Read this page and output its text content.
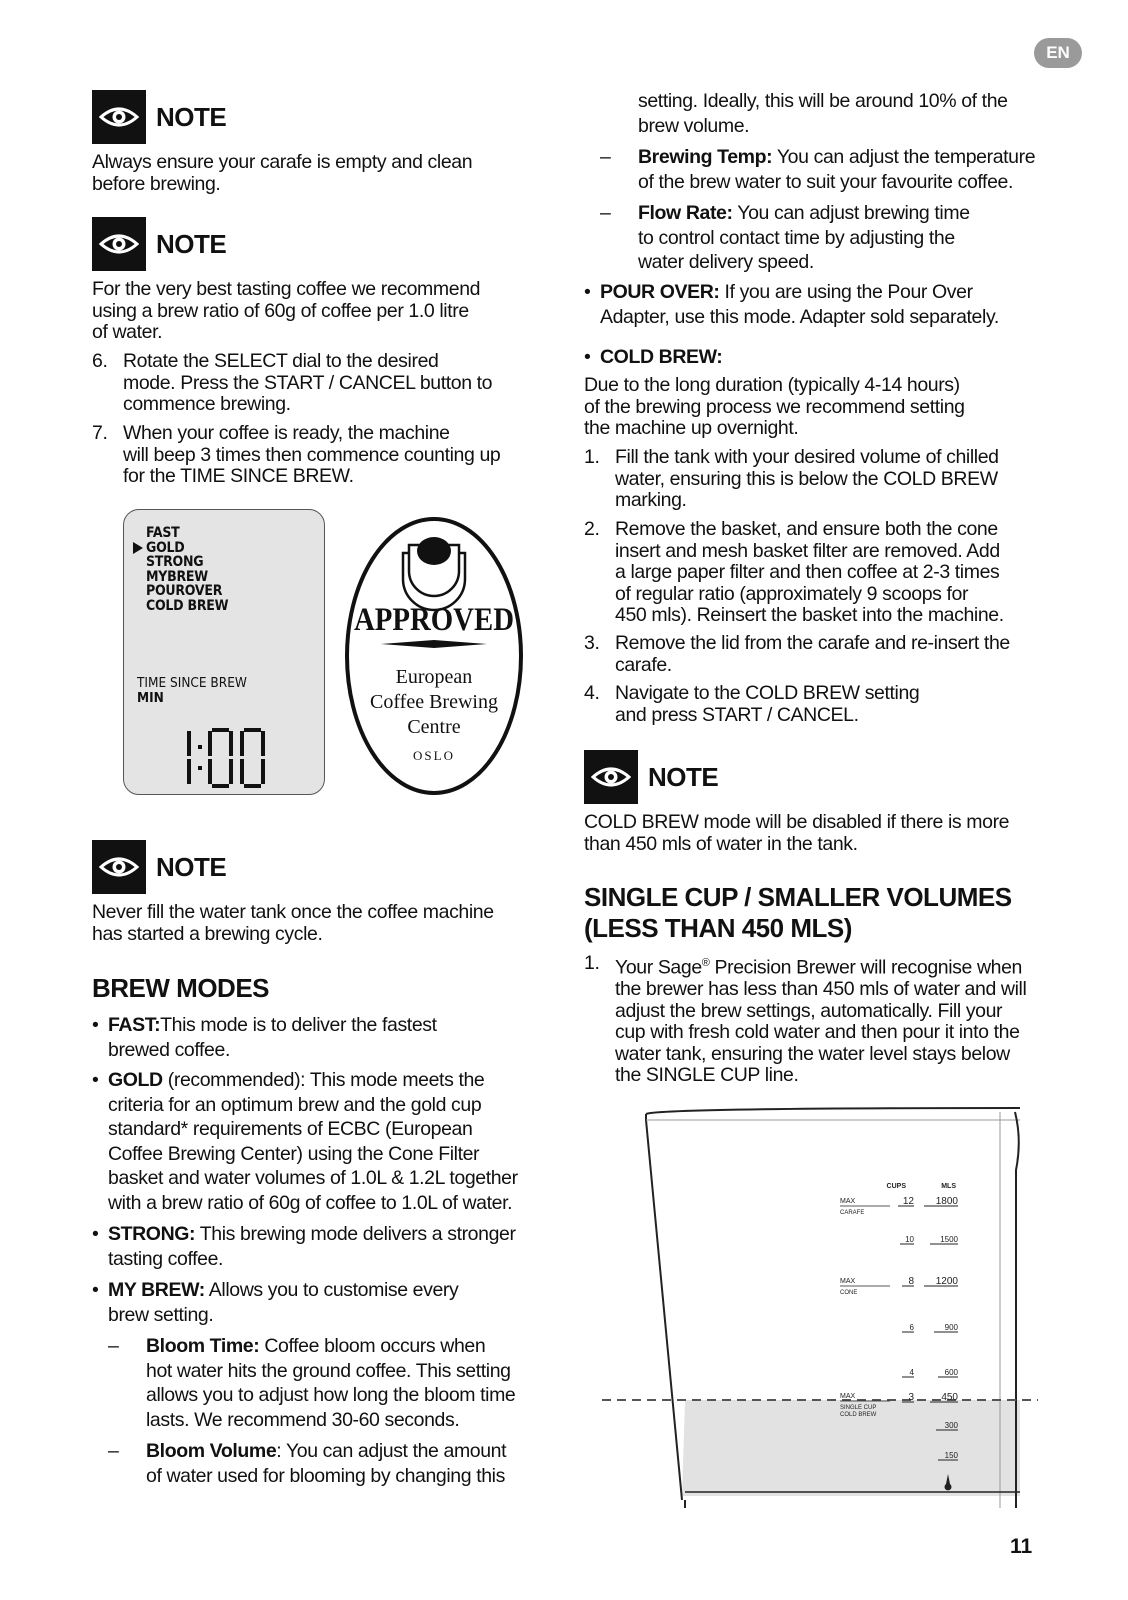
EN
NOTE
Always ensure your carafe is empty and clean
before brewing.
NOTE
For the very best tasting coffee we recommend
using a brew ratio of 60g of coffee per 1.0 litre
of water.
6. Rotate the SELECT dial to the desired
mode. Press the START / CANCEL button to
commence brewing.
7. When your coffee is ready, the machine
will beep 3 times then commence counting up
for the TIME SINCE BREW.
FAST
GOLD
STRONG
MYBREW
POUROVER
COLD BREW
TIME SINCE BREW
MIN
APPROVED
European
Coffee Brewing
Centre
OSLO
NOTE
Never fill the water tank once the coffee machine
has started a brewing cycle.
BREW MODES
• FAST:This mode is to deliver the fastest
brewed coffee.
• GOLD (recommended): This mode meets the
criteria for an optimum brew and the gold cup
standard* requirements of ECBC (European
Coffee Brewing Center) using the Cone Filter
basket and water volumes of 1.0L & 1.2L together
with a brew ratio of 60g of coffee to 1.0L of water.
• STRONG: This brewing mode delivers a stronger
tasting coffee.
• MY BREW: Allows you to customise every
brew setting.
– Bloom Time: Coffee bloom occurs when
hot water hits the ground coffee. This setting
allows you to adjust how long the bloom time
lasts. We recommend 30-60 seconds.
– Bloom Volume: You can adjust the amount
of water used for blooming by changing this
setting. Ideally, this will be around 10% of the
brew volume.
– Brewing Temp: You can adjust the temperature
of the brew water to suit your favourite coffee.
– Flow Rate: You can adjust brewing time
to control contact time by adjusting the
water delivery speed.
• POUR OVER: If you are using the Pour Over
Adapter, use this mode. Adapter sold separately.
• COLD BREW:
Due to the long duration (typically 4-14 hours)
of the brewing process we recommend setting
the machine up overnight.
1. Fill the tank with your desired volume of chilled
water, ensuring this is below the COLD BREW
marking.
2. Remove the basket, and ensure both the cone
insert and mesh basket filter are removed. Add
a large paper filter and then coffee at 2-3 times
of regular ratio (approximately 9 scoops for
450 mls). Reinsert the basket into the machine.
3. Remove the lid from the carafe and re-insert the
carafe.
4. Navigate to the COLD BREW setting
and press START / CANCEL.
NOTE
COLD BREW mode will be disabled if there is more
than 450 mls of water in the tank.
SINGLE CUP / SMALLER VOLUMES
(LESS THAN 450 MLS)
1. Your Sage® Precision Brewer will recognise when
the brewer has less than 450 mls of water and will
adjust the brew settings, automatically. Fill your
cup with fresh cold water and then pour it into the
water tank, ensuring the water level stays below
the SINGLE CUP line.
CUPS	MLS
MAX
CARAFE
12 1800
10	1500
MAX
CONE
8 1200
6	900
4	600
MAX
SINGLE CUP
COLD BREW
3	450
300
150
11
